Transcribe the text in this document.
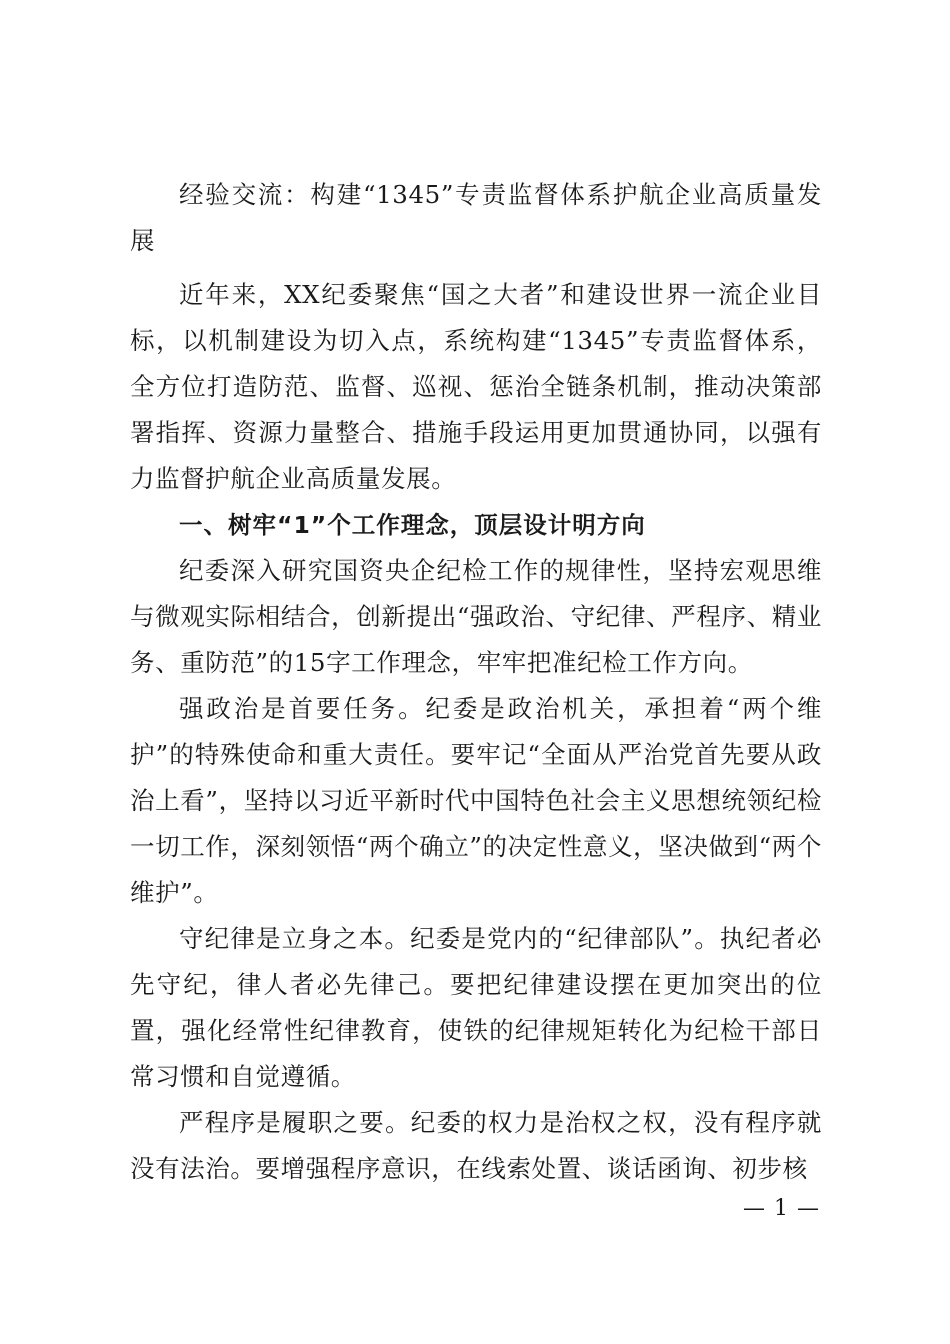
经验交流：构建“1345”专责监督体系护航企业高质量发展

近年来，XX纪委聚焦“国之大者”和建设世界一流企业目标，以机制建设为切入点，系统构建“1345”专责监督体系，全方位打造防范、监督、巡视、惩治全链条机制，推动决策部署指挥、资源力量整合、措施手段运用更加贯通协同，以强有力监督护航企业高质量发展。

一、树牢“1”个工作理念，顶层设计明方向

纪委深入研究国资央企纪检工作的规律性，坚持宏观思维与微观实际相结合，创新提出“强政治、守纪律、严程序、精业务、重防范”的15字工作理念，牢牢把准纪检工作方向。

强政治是首要任务。纪委是政治机关，承担着“两个维护”的特殊使命和重大责任。要牢记“全面从严治党首先要从政治上看”，坚持以习近平新时代中国特色社会主义思想统领纪检一切工作，深刻领悟“两个确立”的决定性意义，坚决做到“两个维护”。

守纪律是立身之本。纪委是党内的“纪律部队”。执纪者必先守纪，律人者必先律己。要把纪律建设摆在更加突出的位置，强化经常性纪律教育，使铁的纪律规矩转化为纪检干部日常习惯和自觉遵循。

严程序是履职之要。纪委的权力是治权之权，没有程序就没有法治。要增强程序意识，在线索处置、谈话函询、初步核

— 1 —
